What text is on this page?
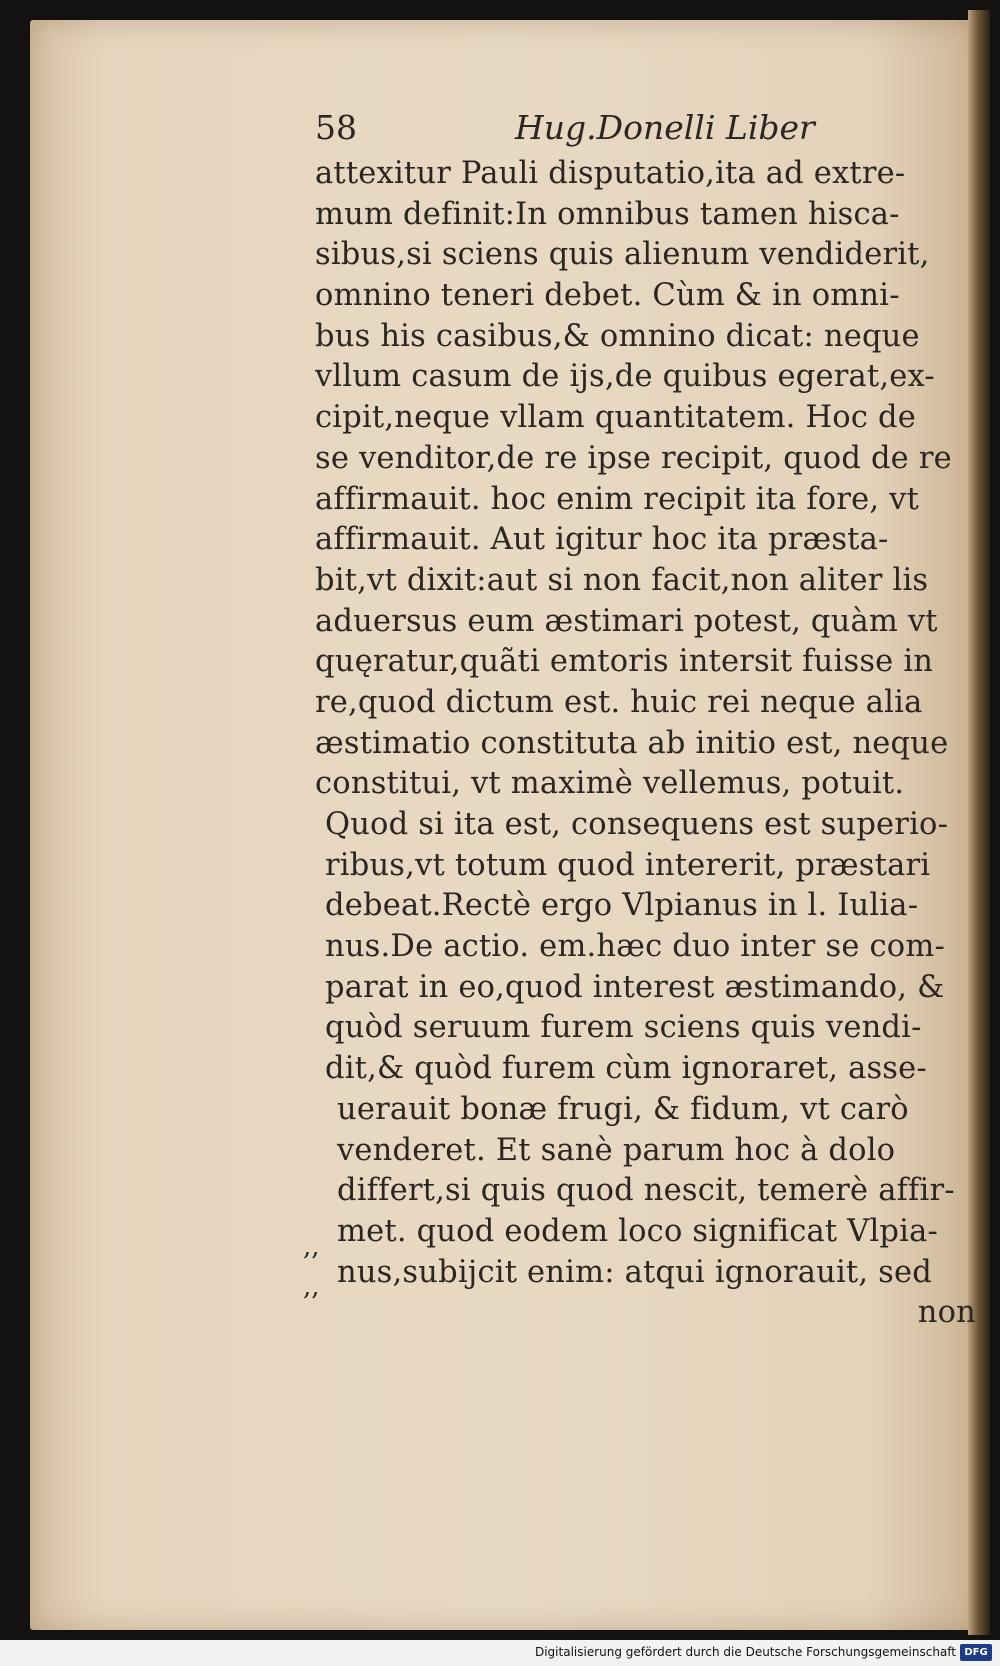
58	Hug.Donelli Liber
attexitur Pauli disputatio,ita ad extre-
mum definit:In omnibus tamen hisca-
sibus,si sciens quis alienum vendiderit,
omnino teneri debet. Cùm & in omni-
bus his casibus,& omnino dicat: neque
vllum casum de ijs,de quibus egerat,ex-
cipit,neque vllam quantitatem. Hoc de
se venditor,de re ipse recipit, quod de re
affirmauit. hoc enim recipit ita fore, vt
affirmauit. Aut igitur hoc ita præsta-
bit,vt dixit:aut si non facit,non aliter lis
aduersus eum æstimari potest, quàm vt
quęratur,quãti emtoris intersit fuisse in
re,quod dictum est. huic rei neque alia
æstimatio constituta ab initio est, neque
constitui, vt maximè vellemus, potuit.
Quod si ita est, consequens est superio-
ribus,vt totum quod intererit, præstari
debeat.Rectè ergo Vlpianus in l. Iulia-
nus.De actio. em.hæc duo inter se com-
parat in eo,quod interest æstimando, &
quòd seruum furem sciens quis vendi-
dit,& quòd furem cùm ignoraret, asse-
uerauit bonæ frugi, & fidum, vt carò
venderet. Et sanè parum hoc à dolo
differt,si quis quod nescit, temerè affir-
met. quod eodem loco significat Vlpia-
nus,subijcit enim: atqui ignorauit, sed
non
,,
,,
Digitalisierung gefördert durch die Deutsche Forschungsgemeinschaft DFG
